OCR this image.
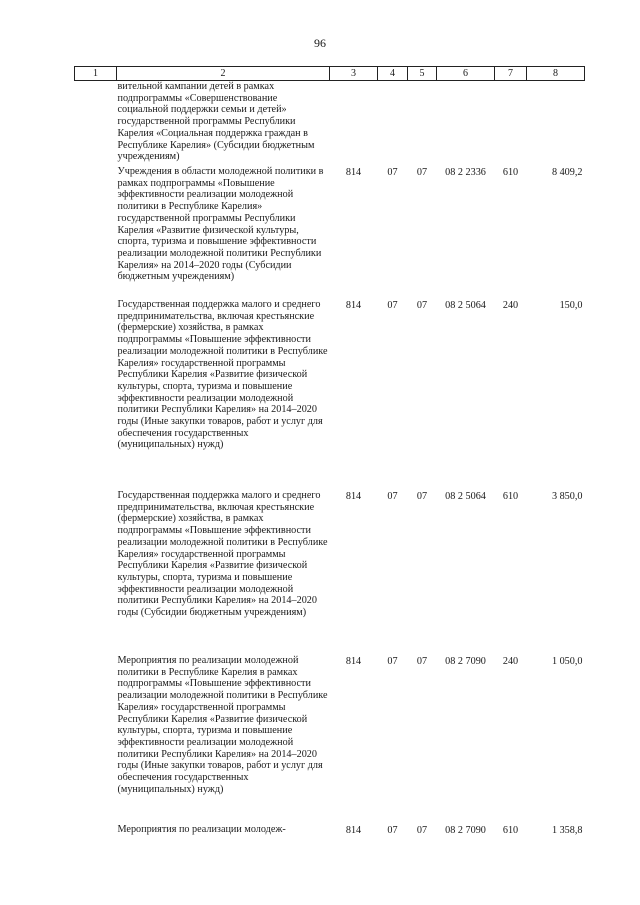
96
1	2	3	4	5	6	7	8
	вительной кампании детей в рамках подпрограммы «Совершенствование социальной поддержки семьи и детей» государственной программы Республики Карелия «Социальная поддержка граждан в Республике Карелия» (Субсидии бюджетным учреждениям)						
	Учреждения в области молодежной политики в рамках подпрограммы «Повышение эффективности реализации молодежной политики в Республике Карелия» государственной программы Республики Карелия «Развитие физической культуры, спорта, туризма и повышение эффективности реализации молодежной политики Республики Карелия» на 2014–2020 годы (Субсидии бюджетным учреждениям)	814	07	07	08 2 2336	610	8 409,2
	Государственная поддержка малого и среднего предпринимательства, включая крестьянские (фермерские) хозяйства, в рамках подпрограммы «Повышение эффективности реализации молодежной политики в Республике Карелия» государственной программы Республики Карелия «Развитие физической культуры, спорта, туризма и повышение эффективности реализации молодежной политики Республики Карелия» на 2014–2020 годы (Иные закупки товаров, работ и услуг для обеспечения государственных (муниципальных) нужд)	814	07	07	08 2 5064	240	150,0
	Государственная поддержка малого и среднего предпринимательства, включая крестьянские (фермерские) хозяйства, в рамках подпрограммы «Повышение эффективности реализации молодежной политики в Республике Карелия» государственной программы Республики Карелия «Развитие физической культуры, спорта, туризма и повышение эффективности реализации молодежной политики Республики Карелия» на 2014–2020 годы (Субсидии бюджетным учреждениям)	814	07	07	08 2 5064	610	3 850,0
	Мероприятия по реализации молодежной политики в Республике Карелия в рамках подпрограммы «Повышение эффективности реализации молодежной политики в Республике Карелия» государственной программы Республики Карелия «Развитие физической культуры, спорта, туризма и повышение эффективности реализации молодежной политики Республики Карелия» на 2014–2020 годы (Иные закупки товаров, работ и услуг для обеспечения государственных (муниципальных) нужд)	814	07	07	08 2 7090	240	1 050,0
	Мероприятия по реализации молодеж-	814	07	07	08 2 7090	610	1 358,8
